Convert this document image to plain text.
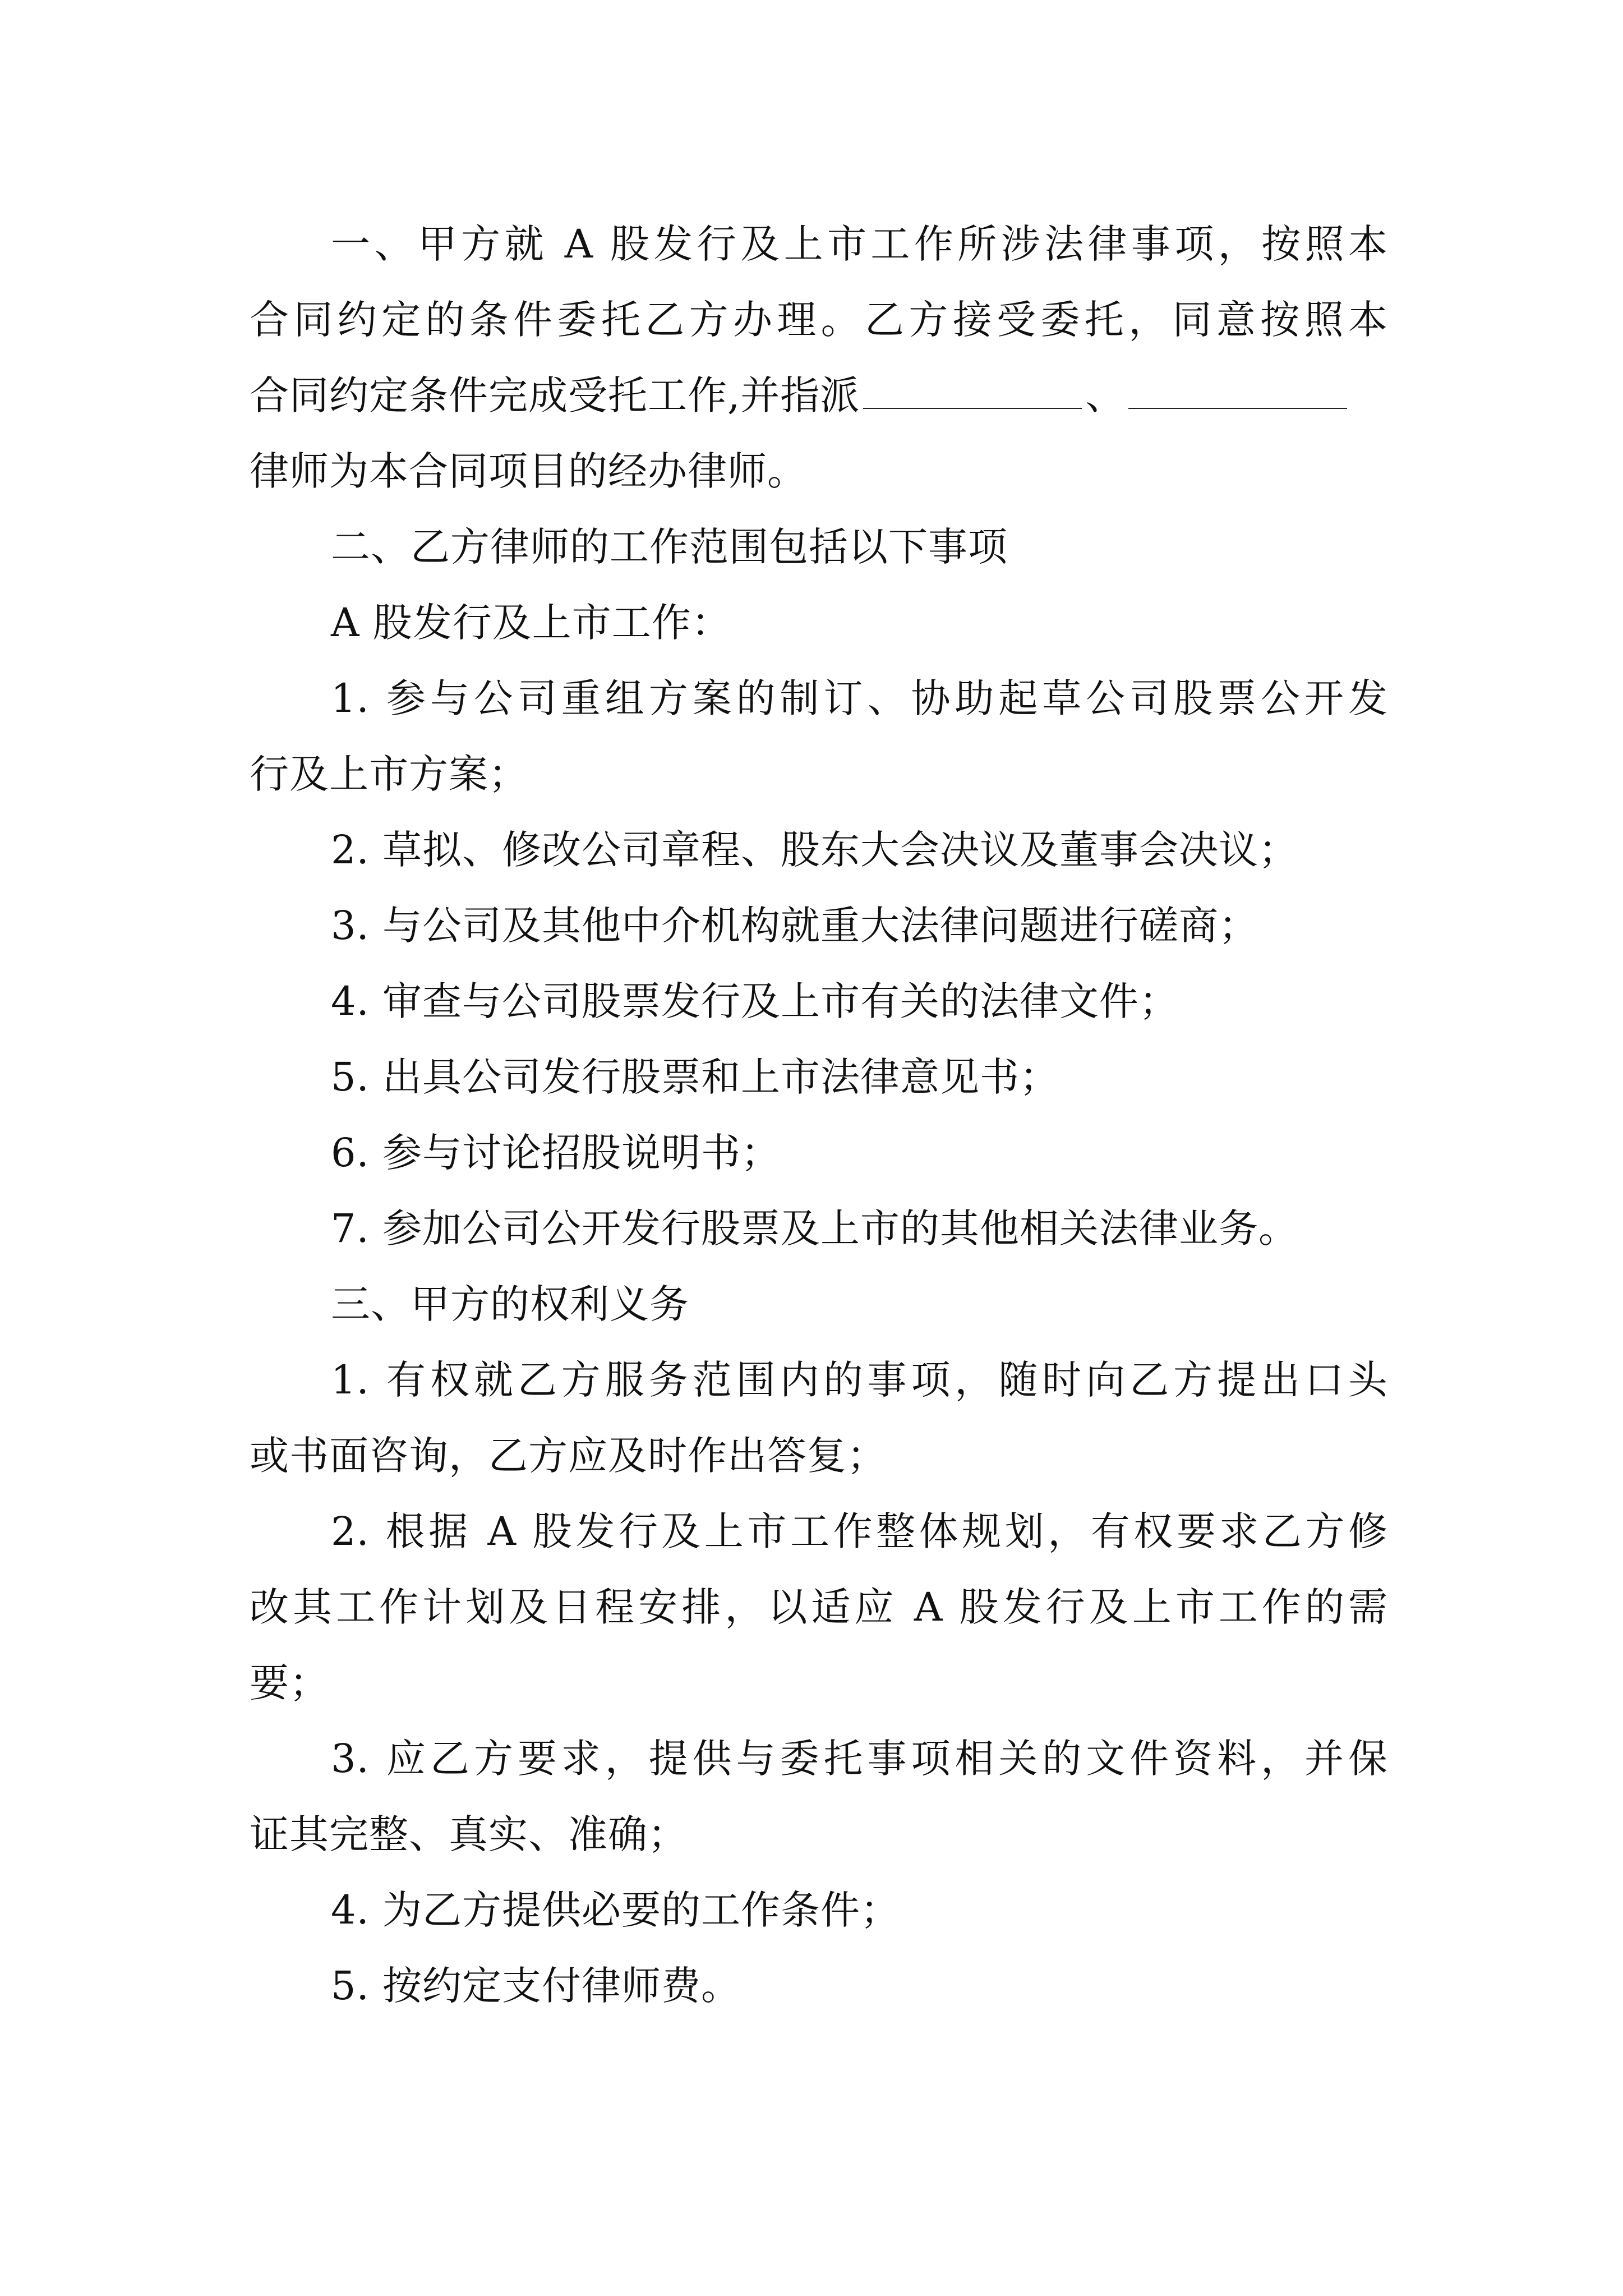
一、甲方就 A 股发行及上市工作所涉法律事项，按照本
合同约定的条件委托乙方办理。乙方接受委托，同意按照本
合同约定条件完成受托工作,并指派	、
律师为本合同项目的经办律师。
二、乙方律师的工作范围包括以下事项
A 股发行及上市工作：
1. 参与公司重组方案的制订、协助起草公司股票公开发
行及上市方案；
2. 草拟、修改公司章程、股东大会决议及董事会决议；
3. 与公司及其他中介机构就重大法律问题进行磋商；
4. 审查与公司股票发行及上市有关的法律文件；
5. 出具公司发行股票和上市法律意见书；
6. 参与讨论招股说明书；
7. 参加公司公开发行股票及上市的其他相关法律业务。
三、甲方的权利义务
1. 有权就乙方服务范围内的事项，随时向乙方提出口头
或书面咨询，乙方应及时作出答复；
2. 根据 A 股发行及上市工作整体规划，有权要求乙方修
改其工作计划及日程安排，以适应 A 股发行及上市工作的需
要；
3. 应乙方要求，提供与委托事项相关的文件资料，并保
证其完整、真实、准确；
4. 为乙方提供必要的工作条件；
5. 按约定支付律师费。
